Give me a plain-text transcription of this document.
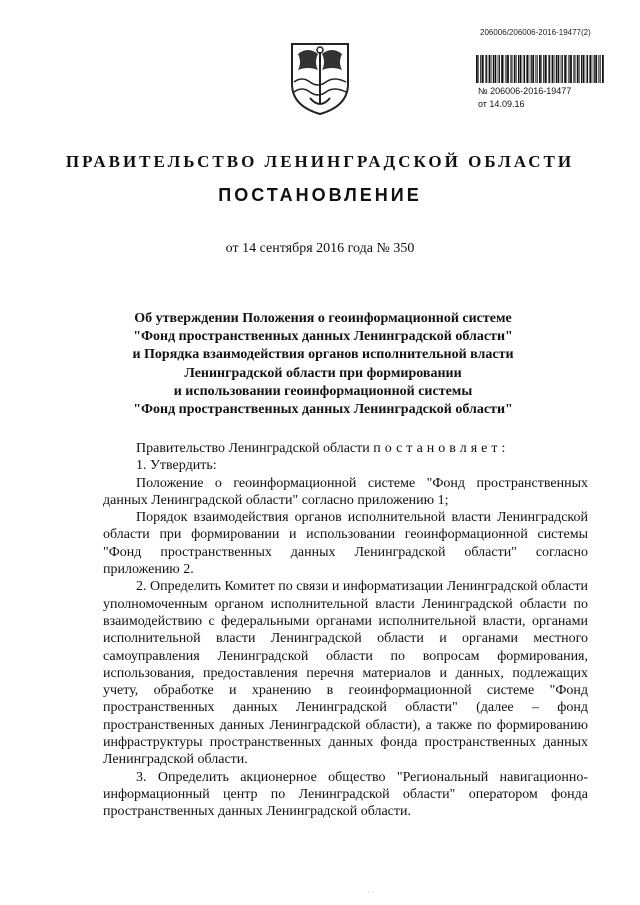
206006/206006-2016-19477(2)
№ 206006-2016-19477
от 14.09.16
ПРАВИТЕЛЬСТВО ЛЕНИНГРАДСКОЙ ОБЛАСТИ
ПОСТАНОВЛЕНИЕ
от 14 сентября 2016 года № 350
Об утверждении Положения о геоинформационной системе
"Фонд пространственных данных Ленинградской области"
и Порядка взаимодействия органов исполнительной власти
Ленинградской области при формировании
и использовании геоинформационной системы
"Фонд пространственных данных Ленинградской области"

Правительство Ленинградской области постановляет:

1. Утвердить:

Положение о геоинформационной системе "Фонд пространственных данных Ленинградской области" согласно приложению 1;

Порядок взаимодействия органов исполнительной власти Ленинградской области при формировании и использовании геоинформационной системы "Фонд пространственных данных Ленинградской области" согласно приложению 2.

2. Определить Комитет по связи и информатизации Ленинградской области уполномоченным органом исполнительной власти Ленинградской области по взаимодействию с федеральными органами исполнительной власти, органами исполнительной власти Ленинградской области и органами местного самоуправления Ленинградской области по вопросам формирования, использования, предоставления перечня материалов и данных, подлежащих учету, обработке и хранению в геоинформационной системе "Фонд пространственных данных Ленинградской области" (далее – фонд пространственных данных Ленинградской области), а также по формированию инфраструктуры пространственных данных фонда пространственных данных Ленинградской области.

3. Определить акционерное общество "Региональный навигационно-информационный центр по Ленинградской области" оператором фонда пространственных данных Ленинградской области.

· ·
